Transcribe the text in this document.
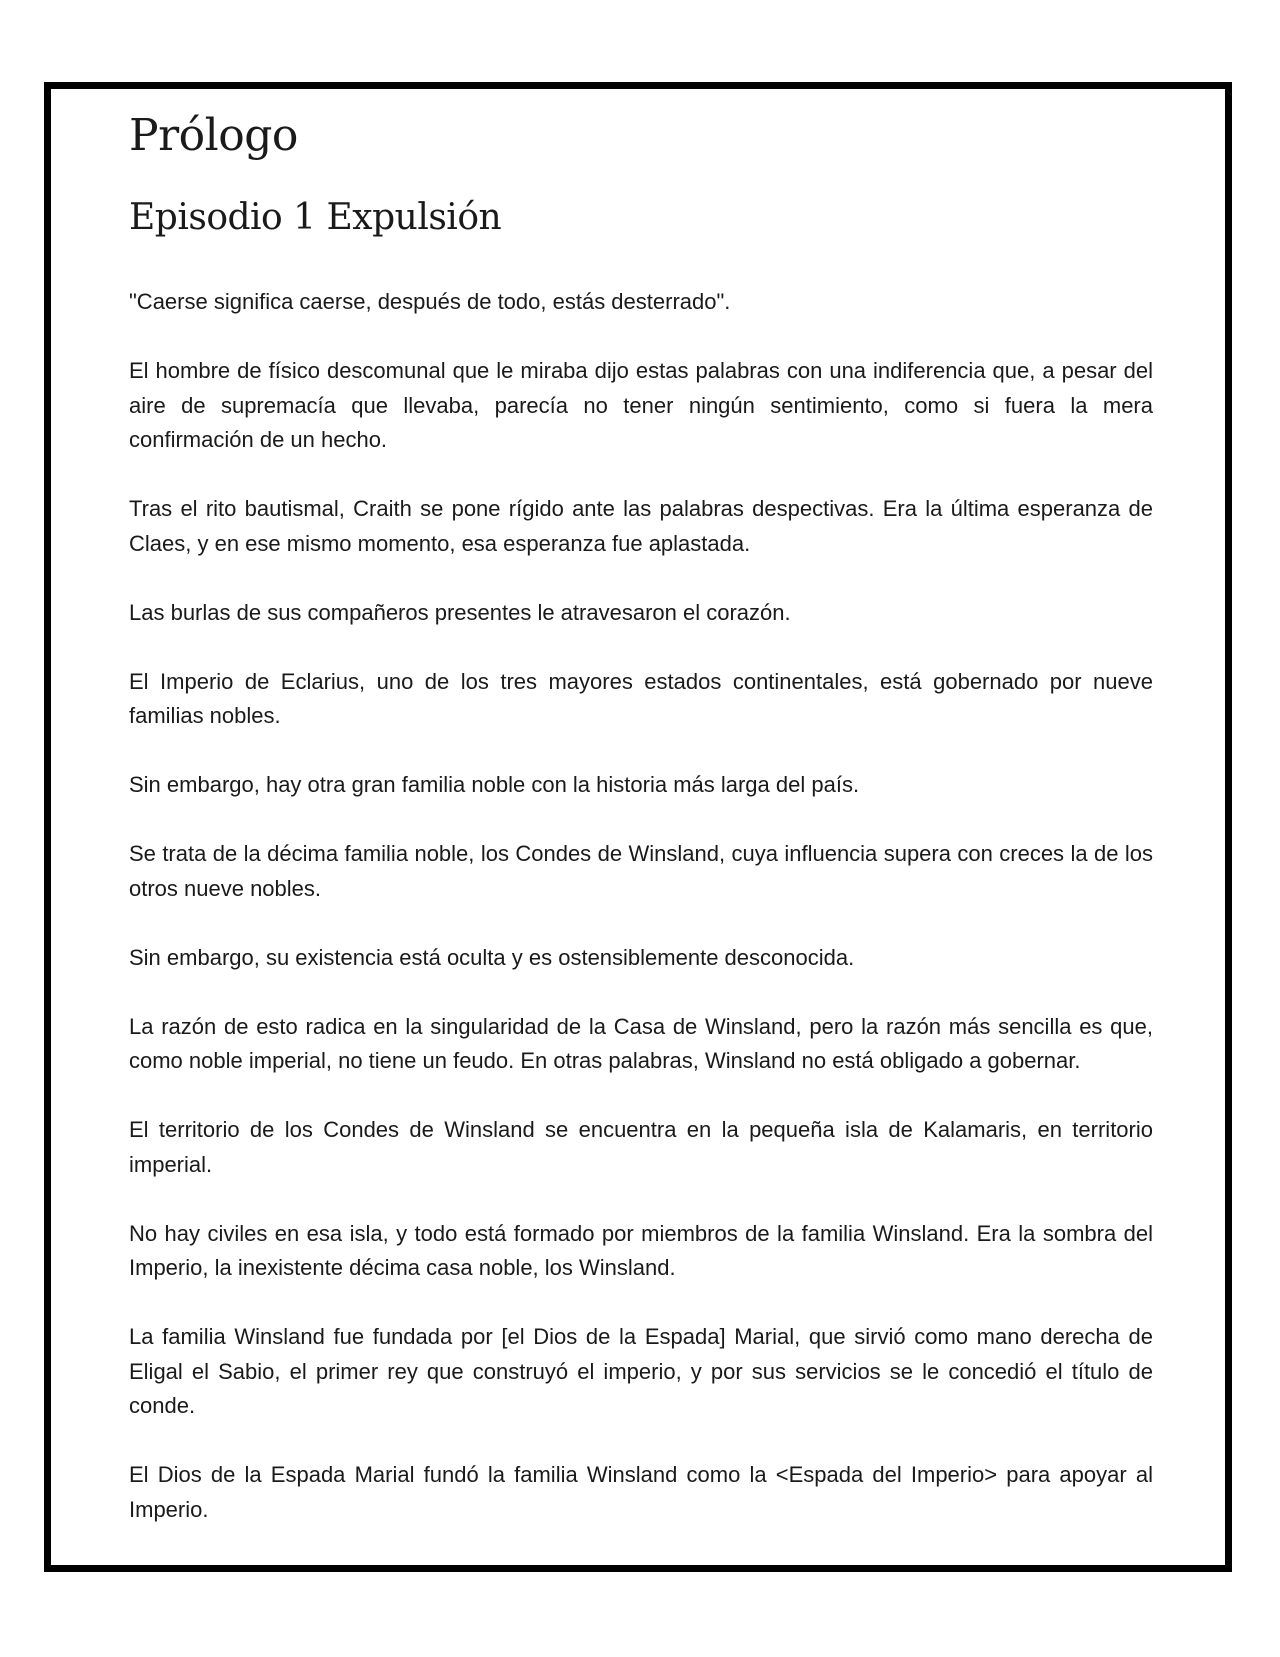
Prólogo
Episodio 1 Expulsión

"Caerse significa caerse, después de todo, estás desterrado".

El hombre de físico descomunal que le miraba dijo estas palabras con una indiferencia que, a pesar del aire de supremacía que llevaba, parecía no tener ningún sentimiento, como si fuera la mera confirmación de un hecho.

Tras el rito bautismal, Craith se pone rígido ante las palabras despectivas. Era la última esperanza de Claes, y en ese mismo momento, esa esperanza fue aplastada.

Las burlas de sus compañeros presentes le atravesaron el corazón.

El Imperio de Eclarius, uno de los tres mayores estados continentales, está gobernado por nueve familias nobles.

Sin embargo, hay otra gran familia noble con la historia más larga del país.

Se trata de la décima familia noble, los Condes de Winsland, cuya influencia supera con creces la de los otros nueve nobles.

Sin embargo, su existencia está oculta y es ostensiblemente desconocida.

La razón de esto radica en la singularidad de la Casa de Winsland, pero la razón más sencilla es que, como noble imperial, no tiene un feudo. En otras palabras, Winsland no está obligado a gobernar.

El territorio de los Condes de Winsland se encuentra en la pequeña isla de Kalamaris, en territorio imperial.

No hay civiles en esa isla, y todo está formado por miembros de la familia Winsland. Era la sombra del Imperio, la inexistente décima casa noble, los Winsland.

La familia Winsland fue fundada por [el Dios de la Espada] Marial, que sirvió como mano derecha de Eligal el Sabio, el primer rey que construyó el imperio, y por sus servicios se le concedió el título de conde.

El Dios de la Espada Marial fundó la familia Winsland como la <Espada del Imperio> para apoyar al Imperio.
